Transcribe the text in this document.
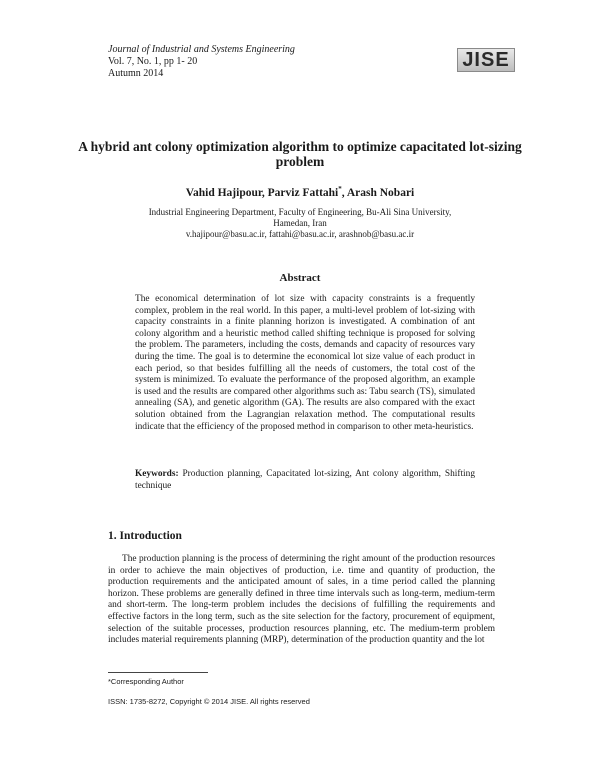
Journal of Industrial and Systems Engineering
Vol. 7, No. 1, pp 1- 20
Autumn 2014
JISE
A hybrid ant colony optimization algorithm to optimize capacitated lot-sizing problem
Vahid Hajipour, Parviz Fattahi*, Arash Nobari
Industrial Engineering Department, Faculty of Engineering, Bu-Ali Sina University,
Hamedan, Iran
v.hajipour@basu.ac.ir, fattahi@basu.ac.ir, arashnob@basu.ac.ir
Abstract
The economical determination of lot size with capacity constraints is a frequently complex, problem in the real world. In this paper, a multi-level problem of lot-sizing with capacity constraints in a finite planning horizon is investigated. A combination of ant colony algorithm and a heuristic method called shifting technique is proposed for solving the problem. The parameters, including the costs, demands and capacity of resources vary during the time. The goal is to determine the economical lot size value of each product in each period, so that besides fulfilling all the needs of customers, the total cost of the system is minimized. To evaluate the performance of the proposed algorithm, an example is used and the results are compared other algorithms such as: Tabu search (TS), simulated annealing (SA), and genetic algorithm (GA). The results are also compared with the exact solution obtained from the Lagrangian relaxation method. The computational results indicate that the efficiency of the proposed method in comparison to other meta-heuristics.
Keywords: Production planning, Capacitated lot-sizing, Ant colony algorithm, Shifting technique
1. Introduction
The production planning is the process of determining the right amount of the production resources in order to achieve the main objectives of production, i.e. time and quantity of production, the production requirements and the anticipated amount of sales, in a time period called the planning horizon. These problems are generally defined in three time intervals such as long-term, medium-term and short-term. The long-term problem includes the decisions of fulfilling the requirements and effective factors in the long term, such as the site selection for the factory, procurement of equipment, selection of the suitable processes, production resources planning, etc. The medium-term problem includes material requirements planning (MRP), determination of the production quantity and the lot
*Corresponding Author
ISSN: 1735-8272, Copyright © 2014 JISE. All rights reserved
